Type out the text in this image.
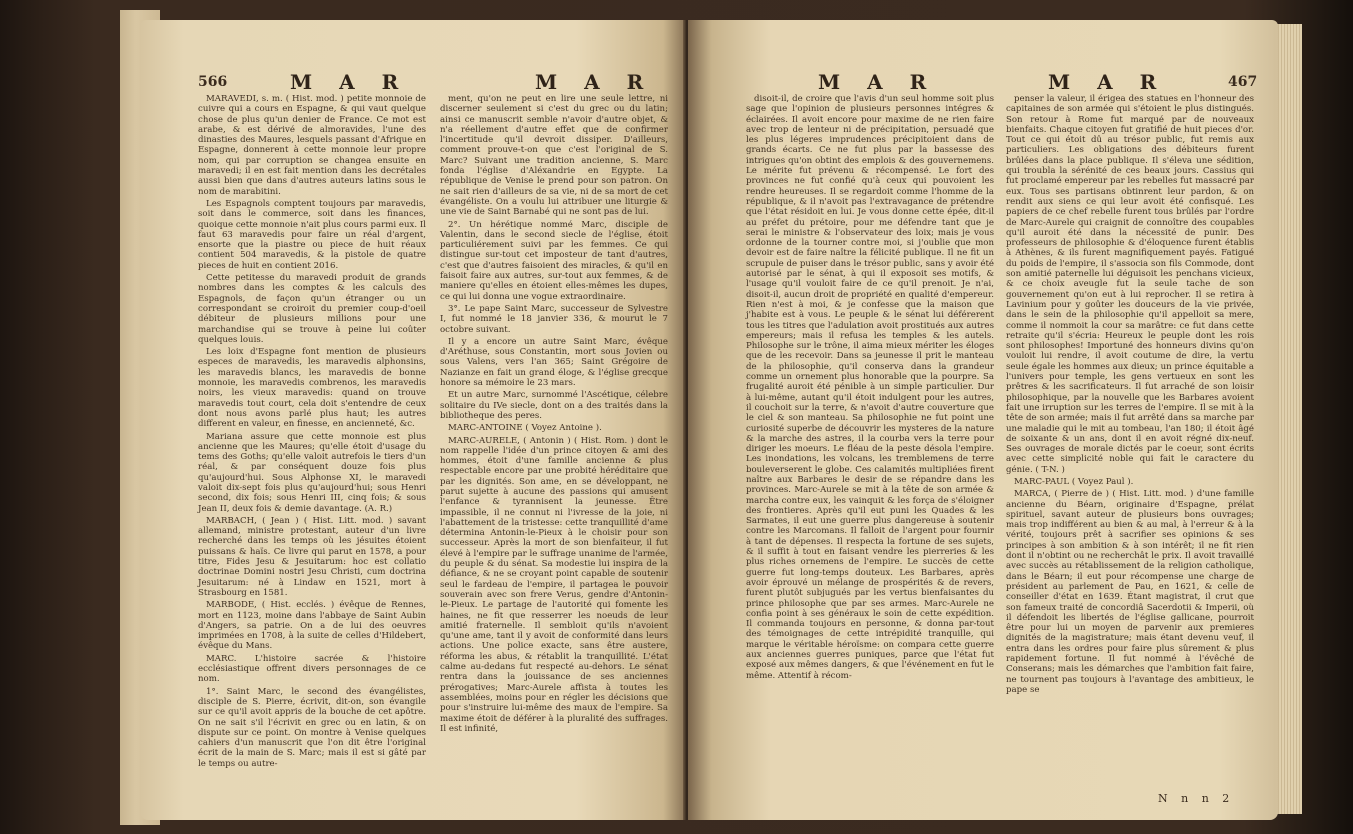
566	M A R	M A R

MARAVEDI, s. m. ( Hist. mod. ) petite monnoie de cuivre qui a cours en Espagne, & qui vaut quelque chose de plus qu'un denier de France. Ce mot est arabe, & est dérivé de almoravides, l'une des dinasties des Maures, lesquels passant d'Afrique en Espagne, donnerent à cette monnoie leur propre nom, qui par corruption se changea ensuite en maravedi; il en est fait mention dans les decrétales aussi bien que dans d'autres auteurs latins sous le nom de marabitini.

Les Espagnols comptent toujours par maravedis, soit dans le commerce, soit dans les finances, quoique cette monnoie n'ait plus cours parmi eux. Il faut 63 maravedis pour faire un réal d'argent, ensorte que la piastre ou piece de huit réaux contient 504 maravedis, & la pistole de quatre pieces de huit en contient 2016.

Cette petitesse du maravedi produit de grands nombres dans les comptes & les calculs des Espagnols, de façon qu'un étranger ou un correspondant se croiroit du premier coup-d'oeil débiteur de plusieurs millions pour une marchandise qui se trouve à peine lui coûter quelques louis.

Les loix d'Espagne font mention de plusieurs especes de maravedis, les maravedis alphonsins, les maravedis blancs, les maravedis de bonne monnoie, les maravedis combrenos, les maravedis noirs, les vieux maravedis: quand on trouve maravedis tout court, cela doit s'entendre de ceux dont nous avons parlé plus haut; les autres different en valeur, en finesse, en ancienneté, &c.

Mariana assure que cette monnoie est plus ancienne que les Maures; qu'elle étoit d'usage du tems des Goths; qu'elle valoit autrefois le tiers d'un réal, & par conséquent douze fois plus qu'aujourd'hui. Sous Alphonse XI, le maravedi valoit dix-sept fois plus qu'aujourd'hui; sous Henri second, dix fois; sous Henri III, cinq fois; & sous Jean II, deux fois & demie davantage. (A. R.)

MARBACH, ( Jean ) ( Hist. Litt. mod. ) savant allemand, ministre protestant, auteur d'un livre recherché dans les temps où les jésuites étoient puissans & haïs. Ce livre qui parut en 1578, a pour titre, Fides Jesu & Jesuitarum: hoc est collatio doctrinae Domini nostri Jesu Christi, cum doctrina Jesuitarum: né à Lindaw en 1521, mort à Strasbourg en 1581.

MARBODE, ( Hist. ecclés. ) évêque de Rennes, mort en 1123, moine dans l'abbaye de Saint Aubin d'Angers, sa patrie. On a de lui des oeuvres imprimées en 1708, à la suite de celles d'Hildebert, évêque du Mans.

MARC. L'histoire sacrée & l'histoire ecclésiastique offrent divers personnages de ce nom.

1°. Saint Marc, le second des évangélistes, disciple de S. Pierre, écrivit, dit-on, son évangile sur ce qu'il avoit appris de la bouche de cet apôtre. On ne sait s'il l'écrivit en grec ou en latin, & on dispute sur ce point. On montre à Venise quelques cahiers d'un manuscrit que l'on dit être l'original écrit de la main de S. Marc; mais il est si gâté par le temps ou autre-

ment, qu'on ne peut en lire une seule lettre, ni discerner seulement si c'est du grec ou du latin; ainsi ce manuscrit semble n'avoir d'autre objet, & n'a réellement d'autre effet que de confirmer l'incertitude qu'il devroit dissiper. D'ailleurs, comment prouve-t-on que c'est l'original de S. Marc? Suivant une tradition ancienne, S. Marc fonda l'église d'Aléxandrie en Egypte. La république de Venise le prend pour son patron. On ne sait rien d'ailleurs de sa vie, ni de sa mort de cet évangéliste. On a voulu lui attribuer une liturgie & une vie de Saint Barnabé qui ne sont pas de lui.

2°. Un hérétique nommé Marc, disciple de Valentin, dans le second siecle de l'église, étoit particuliérement suivi par les femmes. Ce qui distingue sur-tout cet imposteur de tant d'autres, c'est que d'autres faisoient des miracles, & qu'il en faisoit faire aux autres, sur-tout aux femmes, & de maniere qu'elles en étoient elles-mêmes les dupes, ce qui lui donna une vogue extraordinaire.

3°. Le pape Saint Marc, successeur de Sylvestre I, fut nommé le 18 janvier 336, & mourut le 7 octobre suivant.

Il y a encore un autre Saint Marc, évêque d'Aréthuse, sous Constantin, mort sous Jovien ou sous Valens, vers l'an 365; Saint Grégoire de Nazianze en fait un grand éloge, & l'église grecque honore sa mémoire le 23 mars.

Et un autre Marc, surnommé l'Ascétique, célebre solitaire du IVe siecle, dont on a des traités dans la bibliotheque des peres.

MARC-ANTOINE ( Voyez Antoine ).

MARC-AURELE, ( Antonin ) ( Hist. Rom. ) dont le nom rappelle l'idée d'un prince citoyen & ami des hommes, étoit d'une famille ancienne & plus respectable encore par une probité héréditaire que par les dignités. Son ame, en se développant, ne parut sujette à aucune des passions qui amusent l'enfance & tyrannisent la jeunesse. Être impassible, il ne connut ni l'ivresse de la joie, ni l'abattement de la tristesse: cette tranquillité d'ame détermina Antonin-le-Pieux à le choisir pour son successeur. Après la mort de son bienfaiteur, il fut élevé à l'empire par le suffrage unanime de l'armée, du peuple & du sénat. Sa modestie lui inspira de la défiance, & ne se croyant point capable de soutenir seul le fardeau de l'empire, il partagea le pouvoir souverain avec son frere Verus, gendre d'Antonin-le-Pieux. Le partage de l'autorité qui fomente les haines, ne fit que resserrer les noeuds de leur amitié fraternelle. Il sembloit qu'ils n'avoient qu'une ame, tant il y avoit de conformité dans leurs actions. Une police exacte, sans être austere, réforma les abus, & rétablit la tranquillité. L'état calme au-dedans fut respecté au-dehors. Le sénat rentra dans la jouissance de ses anciennes prérogatives; Marc-Aurele affista à toutes les assemblées, moins pour en régler les décisions que pour s'instruire lui-même des maux de l'empire. Sa maxime étoit de déférer à la pluralité des suffrages. Il est infinité,

M A R	M A R	467

disoit-il, de croire que l'avis d'un seul homme soit plus sage que l'opinion de plusieurs personnes intégres & éclairées. Il avoit encore pour maxime de ne rien faire avec trop de lenteur ni de précipitation, persuadé que les plus légeres imprudences précipitoient dans de grands écarts. Ce ne fut plus par la bassesse des intrigues qu'on obtint des emplois & des gouvernemens. Le mérite fut prévenu & récompensé. Le fort des provinces ne fut confié qu'à ceux qui pouvoient les rendre heureuses. Il se regardoit comme l'homme de la république, & il n'avoit pas l'extravagance de prétendre que l'état résidoit en lui. Je vous donne cette épée, dit-il au préfet du prétoire, pour me défendre tant que je serai le ministre & l'observateur des loix; mais je vous ordonne de la tourner contre moi, si j'oublie que mon devoir est de faire naître la félicité publique. Il ne fit un scrupule de puiser dans le trésor public, sans y avoir été autorisé par le sénat, à qui il exposoit ses motifs, & l'usage qu'il vouloit faire de ce qu'il prenoit. Je n'ai, disoit-il, aucun droit de propriété en qualité d'empereur. Rien n'est à moi, & je confesse que la maison que j'habite est à vous. Le peuple & le sénat lui déférerent tous les titres que l'adulation avoit prostitués aux autres empereurs; mais il refusa les temples & les autels. Philosophe sur le trône, il aima mieux mériter les éloges que de les recevoir. Dans sa jeunesse il prit le manteau de la philosophie, qu'il conserva dans la grandeur comme un ornement plus honorable que la pourpre. Sa frugalité auroit été pénible à un simple particulier. Dur à lui-même, autant qu'il étoit indulgent pour les autres, il couchoit sur la terre, & n'avoit d'autre couverture que le ciel & son manteau. Sa philosophie ne fut point une curiosité superbe de découvrir les mysteres de la nature & la marche des astres, il la courba vers la terre pour diriger les moeurs. Le fléau de la peste désola l'empire. Les inondations, les volcans, les tremblemens de terre bouleverserent le globe. Ces calamités multipliées firent naître aux Barbares le desir de se répandre dans les provinces. Marc-Aurele se mit à la tête de son armée & marcha contre eux, les vainquit & les força de s'éloigner des frontieres. Après qu'il eut puni les Quades & les Sarmates, il eut une guerre plus dangereuse à soutenir contre les Marcomans. Il falloit de l'argent pour fournir à tant de dépenses. Il respecta la fortune de ses sujets, & il suffit à tout en faisant vendre les pierreries & les plus riches ornemens de l'empire. Le succès de cette guerre fut long-temps douteux. Les Barbares, après avoir éprouvé un mélange de prospérités & de revers, furent plutôt subjugués par les vertus bienfaisantes du prince philosophe que par ses armes. Marc-Aurele ne confia point à ses généraux le soin de cette expédition. Il commanda toujours en personne, & donna par-tout des témoignages de cette intrépidité tranquille, qui marque le véritable héroïsme: on compara cette guerre aux anciennes guerres puniques, parce que l'état fut exposé aux mêmes dangers, & que l'événement en fut le même. Attentif à récom-

penser la valeur, il érigea des statues en l'honneur des capitaines de son armée qui s'étoient le plus distingués. Son retour à Rome fut marqué par de nouveaux bienfaits. Chaque citoyen fut gratifié de huit pieces d'or. Tout ce qui étoit dû au trésor public, fut remis aux particuliers. Les obligations des débiteurs furent brûlées dans la place publique. Il s'éleva une sédition, qui troubla la sérénité de ces beaux jours. Cassius qui fut proclamé empereur par les rebelles fut massacré par eux. Tous ses partisans obtinrent leur pardon, & on rendit aux siens ce qui leur avoit été confisqué. Les papiers de ce chef rebelle furent tous brûlés par l'ordre de Marc-Aurele qui craignit de connoître des coupables qu'il auroit été dans la nécessité de punir. Des professeurs de philosophie & d'éloquence furent établis à Athènes, & ils furent magnifiquement payés. Fatigué du poids de l'empire, il s'associa son fils Commode, dont son amitié paternelle lui déguisoit les penchans vicieux, & ce choix aveugle fut la seule tache de son gouvernement qu'on eut à lui reprocher. Il se retira à Lavinium pour y goûter les douceurs de la vie privée, dans le sein de la philosophie qu'il appelloit sa mere, comme il nommoit la cour sa marâtre: ce fut dans cette retraite qu'il s'écria: Heureux le peuple dont les rois sont philosophes! Importuné des honneurs divins qu'on vouloit lui rendre, il avoit coutume de dire, la vertu seule égale les hommes aux dieux; un prince équitable a l'univers pour temple, les gens vertueux en sont les prêtres & les sacrificateurs. Il fut arraché de son loisir philosophique, par la nouvelle que les Barbares avoient fait une irruption sur les terres de l'empire. Il se mit à la tête de son armée; mais il fut arrêté dans sa marche par une maladie qui le mit au tombeau, l'an 180; il étoit âgé de soixante & un ans, dont il en avoit régné dix-neuf. Ses ouvrages de morale dictés par le coeur, sont écrits avec cette simplicité noble qui fait le caractere du génie. ( T-N. )

MARC-PAUL ( Voyez Paul ).

MARCA, ( Pierre de ) ( Hist. Litt. mod. ) d'une famille ancienne du Béarn, originaire d'Espagne, prélat spirituel, savant auteur de plusieurs bons ouvrages; mais trop indifférent au bien & au mal, à l'erreur & à la vérité, toujours prêt à sacrifier ses opinions & ses principes à son ambition & à son intérêt; il ne fit rien dont il n'obtint ou ne recherchât le prix. Il avoit travaillé avec succès au rétablissement de la religion catholique, dans le Béarn; il eut pour récompense une charge de président au parlement de Pau, en 1621, & celle de conseiller d'état en 1639. Étant magistrat, il crut que son fameux traité de concordiâ Sacerdotii & Imperii, où il défendoit les libertés de l'église gallicane, pourroit être pour lui un moyen de parvenir aux premieres dignités de la magistrature; mais étant devenu veuf, il entra dans les ordres pour faire plus sûrement & plus rapidement fortune. Il fut nommé à l'évêché de Conserans; mais les démarches que l'ambition fait faire, ne tournent pas toujours à l'avantage des ambitieux, le pape se

N n n 2
